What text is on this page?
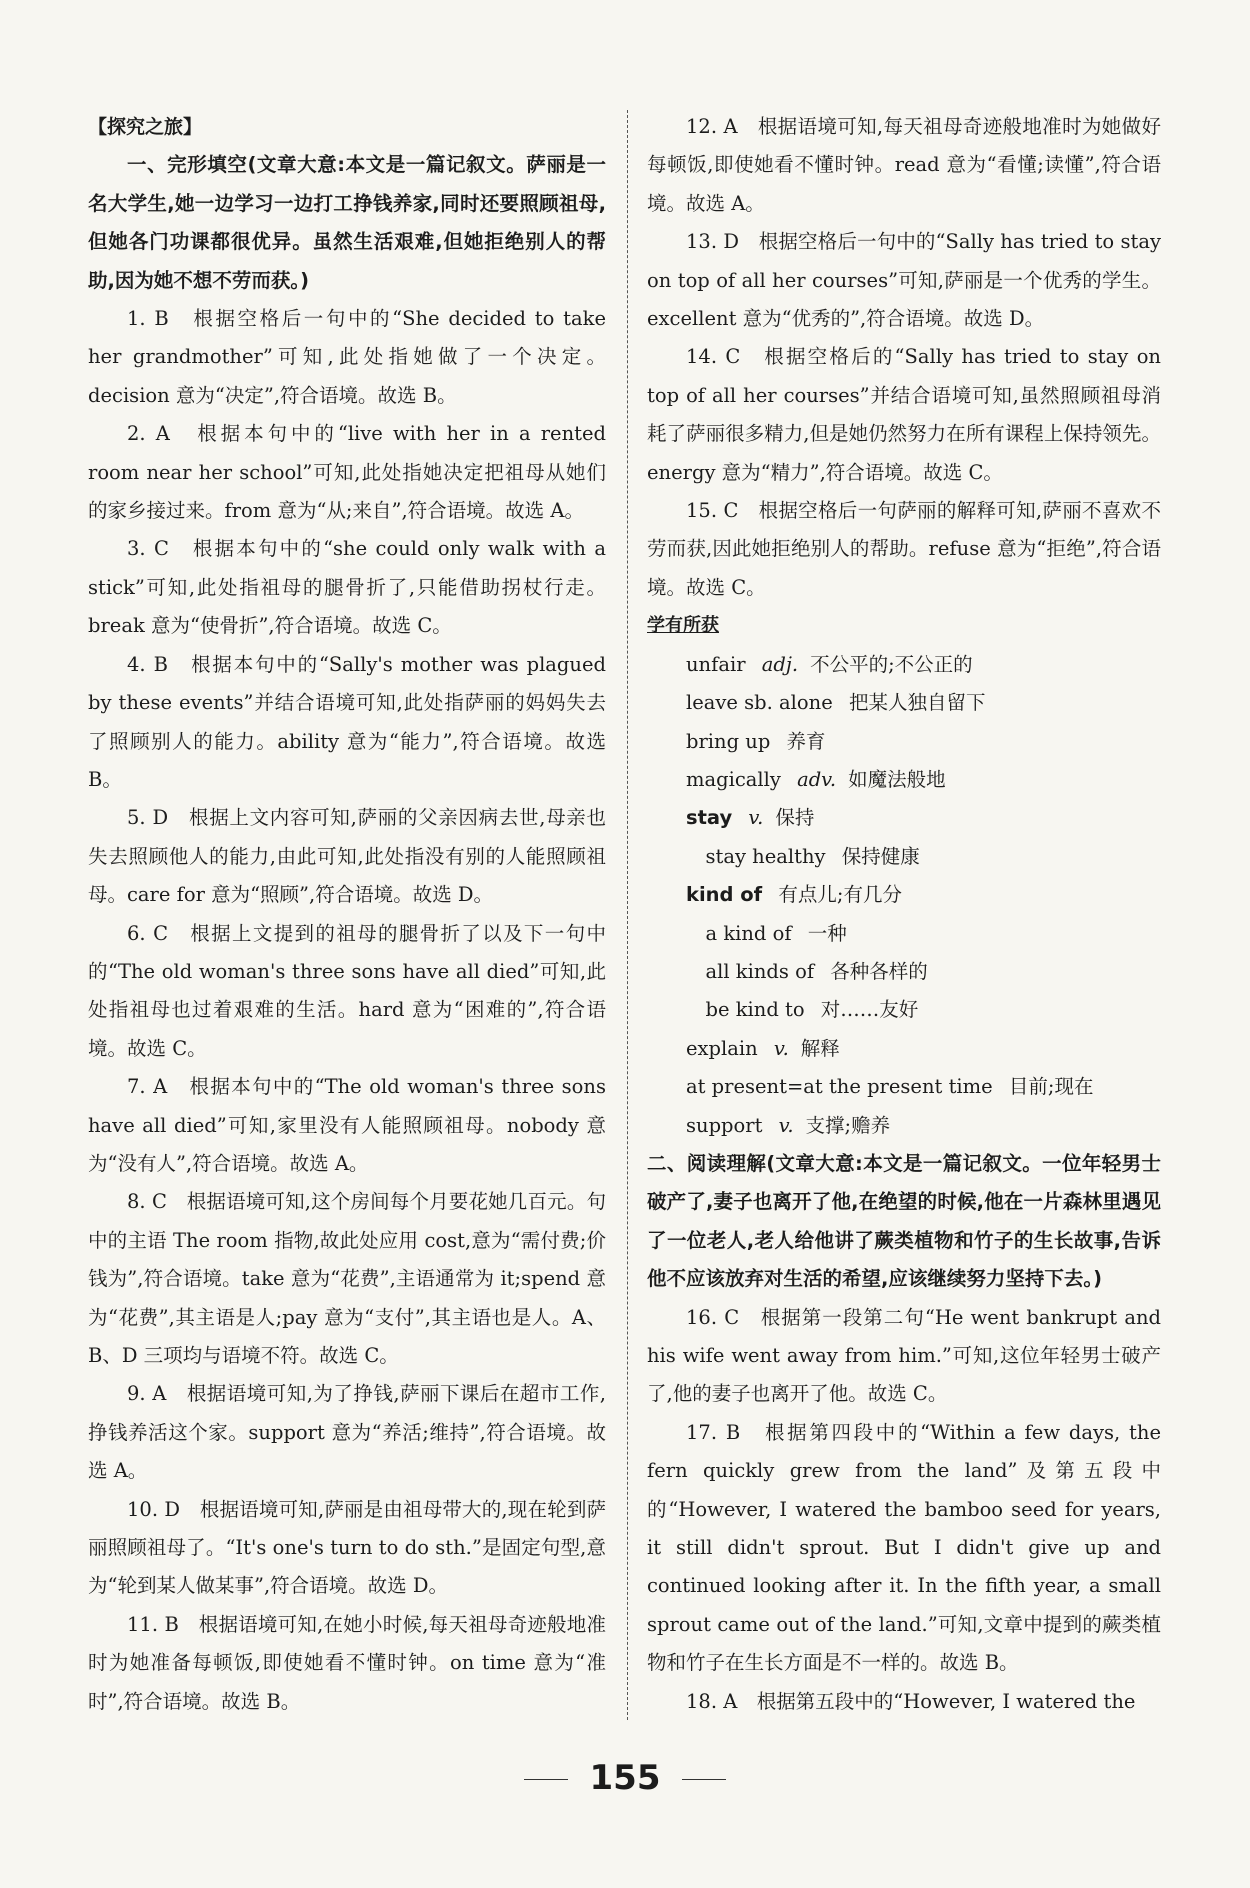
【探究之旅】

一、完形填空(文章大意:本文是一篇记叙文。萨丽是一名大学生,她一边学习一边打工挣钱养家,同时还要照顾祖母,但她各门功课都很优异。虽然生活艰难,但她拒绝别人的帮助,因为她不想不劳而获。)

1. B　根据空格后一句中的“She decided to take her grandmother”可知,此处指她做了一个决定。decision 意为“决定”,符合语境。故选 B。

2. A　根据本句中的“live with her in a rented room near her school”可知,此处指她决定把祖母从她们的家乡接过来。from 意为“从;来自”,符合语境。故选 A。

3. C　根据本句中的“she could only walk with a stick”可知,此处指祖母的腿骨折了,只能借助拐杖行走。break 意为“使骨折”,符合语境。故选 C。

4. B　根据本句中的“Sally's mother was plagued by these events”并结合语境可知,此处指萨丽的妈妈失去了照顾别人的能力。ability 意为“能力”,符合语境。故选 B。

5. D　根据上文内容可知,萨丽的父亲因病去世,母亲也失去照顾他人的能力,由此可知,此处指没有别的人能照顾祖母。care for 意为“照顾”,符合语境。故选 D。

6. C　根据上文提到的祖母的腿骨折了以及下一句中的“The old woman's three sons have all died”可知,此处指祖母也过着艰难的生活。hard 意为“困难的”,符合语境。故选 C。

7. A　根据本句中的“The old woman's three sons have all died”可知,家里没有人能照顾祖母。nobody 意为“没有人”,符合语境。故选 A。

8. C　根据语境可知,这个房间每个月要花她几百元。句中的主语 The room 指物,故此处应用 cost,意为“需付费;价钱为”,符合语境。take 意为“花费”,主语通常为 it;spend 意为“花费”,其主语是人;pay 意为“支付”,其主语也是人。A、B、D 三项均与语境不符。故选 C。

9. A　根据语境可知,为了挣钱,萨丽下课后在超市工作,挣钱养活这个家。support 意为“养活;维持”,符合语境。故选 A。

10. D　根据语境可知,萨丽是由祖母带大的,现在轮到萨丽照顾祖母了。“It's one's turn to do sth.”是固定句型,意为“轮到某人做某事”,符合语境。故选 D。

11. B　根据语境可知,在她小时候,每天祖母奇迹般地准时为她准备每顿饭,即使她看不懂时钟。on time 意为“准时”,符合语境。故选 B。

12. A　根据语境可知,每天祖母奇迹般地准时为她做好每顿饭,即使她看不懂时钟。read 意为“看懂;读懂”,符合语境。故选 A。

13. D　根据空格后一句中的“Sally has tried to stay on top of all her courses”可知,萨丽是一个优秀的学生。excellent 意为“优秀的”,符合语境。故选 D。

14. C　根据空格后的“Sally has tried to stay on top of all her courses”并结合语境可知,虽然照顾祖母消耗了萨丽很多精力,但是她仍然努力在所有课程上保持领先。energy 意为“精力”,符合语境。故选 C。

15. C　根据空格后一句萨丽的解释可知,萨丽不喜欢不劳而获,因此她拒绝别人的帮助。refuse 意为“拒绝”,符合语境。故选 C。

学有所获

unfair adj. 不公平的;不公正的

leave sb. alone 把某人独自留下

bring up 养育

magically adv. 如魔法般地

stay v. 保持

stay healthy 保持健康

kind of 有点儿;有几分

a kind of 一种

all kinds of 各种各样的

be kind to 对……友好

explain v. 解释

at present=at the present time 目前;现在

support v. 支撑;赡养

二、阅读理解(文章大意:本文是一篇记叙文。一位年轻男士破产了,妻子也离开了他,在绝望的时候,他在一片森林里遇见了一位老人,老人给他讲了蕨类植物和竹子的生长故事,告诉他不应该放弃对生活的希望,应该继续努力坚持下去。)

16. C　根据第一段第二句“He went bankrupt and his wife went away from him.”可知,这位年轻男士破产了,他的妻子也离开了他。故选 C。

17. B　根据第四段中的“Within a few days, the fern quickly grew from the land”及第五段中的“However, I watered the bamboo seed for years, it still didn't sprout. But I didn't give up and continued looking after it. In the fifth year, a small sprout came out of the land.”可知,文章中提到的蕨类植物和竹子在生长方面是不一样的。故选 B。

18. A　根据第五段中的“However, I watered the

155
